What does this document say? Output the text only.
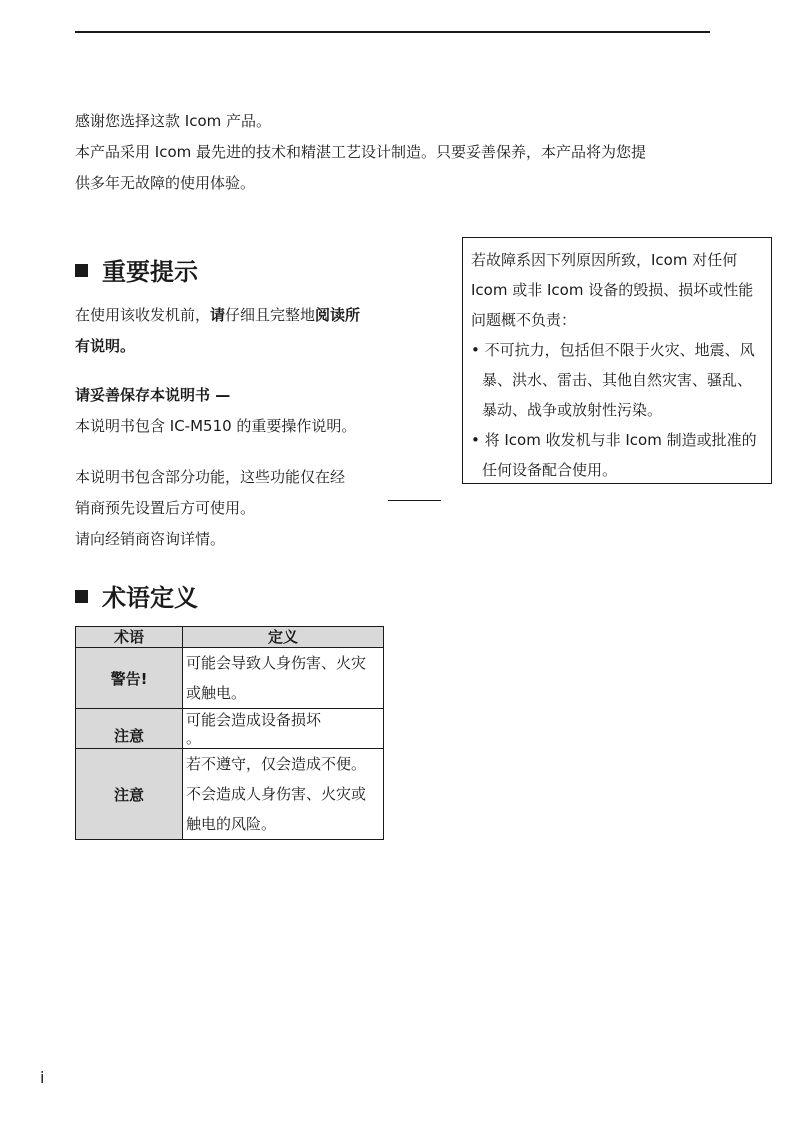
感谢您选择这款 Icom 产品。

本产品采用 Icom 最先进的技术和精湛工艺设计制造。只要妥善保养，本产品将为您提

供多年无故障的使用体验。

重要提示

在使用该收发机前，请仔细且完整地阅读所

有说明。

请妥善保存本说明书 —

本说明书包含 IC-M510 的重要操作说明。

本说明书包含部分功能，这些功能仅在经

销商预先设置后方可使用。

请向经销商咨询详情。

若故障系因下列原因所致，Icom 对任何

Icom 或非 Icom 设备的毁损、损坏或性能

问题概不负责：

• 不可抗力，包括但不限于火灾、地震、风暴、洪水、雷击、其他自然灾害、骚乱、暴动、战争或放射性污染。

• 将 Icom 收发机与非 Icom 制造或批准的任何设备配合使用。

术语定义
术语	定义
警告!	可能会导致人身伤害、火灾或触电。
注意	可能会造成设备损坏
。
注意	若不遵守，仅会造成不便。不会造成人身伤害、火灾或触电的风险。
i
